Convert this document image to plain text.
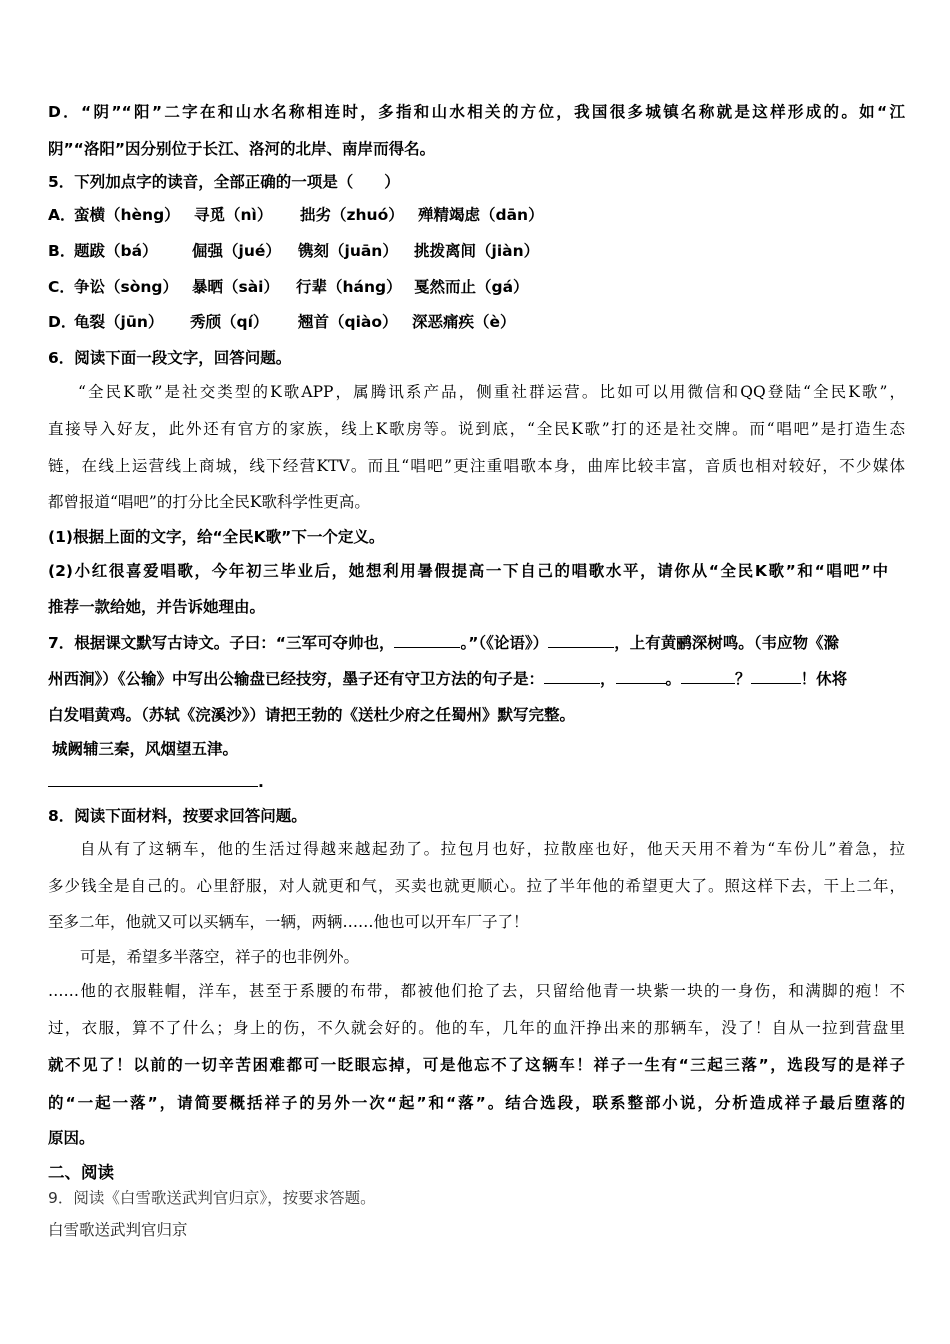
D．“阴”“阳”二字在和山水名称相连时，多指和山水相关的方位，我国很多城镇名称就是这样形成的。如“江
阴”“洛阳”因分别位于长江、洛河的北岸、南岸而得名。
5．下列加点字的读音，全部正确的一项是（　　）
A．
蛮横（hèng） 寻觅（nì） 拙劣（zhuó） 殚精竭虑（dān）
B．
题跋（bá） 倔强（jué） 镌刻（juān） 挑拨离间（jiàn）
C． 争讼（sòng） 暴晒（sài） 行辈（háng） 戛然而止（gá）
D．
龟裂（jūn） 秀颀（qí） 翘首（qiào） 深恶痛疾（è）
6．阅读下面一段文字，回答问题。
“全民K歌”是社交类型的K歌APP，属腾讯系产品，侧重社群运营。比如可以用微信和QQ登陆“全民K歌”，
直接导入好友，此外还有官方的家族，线上K歌房等。说到底，“全民K歌”打的还是社交牌。而“唱吧”是打造生态
链，在线上运营线上商城，线下经营KTV。而且“唱吧”更注重唱歌本身，曲库比较丰富，音质也相对较好，不少媒体
都曾报道“唱吧”的打分比全民K歌科学性更高。
(1)根据上面的文字，给“全民K歌”下一个定义。
(2)小红很喜爱唱歌，今年初三毕业后，她想利用暑假提高一下自己的唱歌水平，请你从“全民K歌”和“唱吧”中
推荐一款给她，并告诉她理由。
7．根据课文默写古诗文。子曰：“三军可夺帅也，	。”（《论语》）	，上有黄鹂深树鸣。（韦应物《滁
州西涧》）《公输》中写出公输盘已经技穷，墨子还有守卫方法的句子是：	，	。	？	！休将
白发唱黄鸡。（苏轼《浣溪沙》）请把王勃的《送杜少府之任蜀州》默写完整。
城阙辅三秦，风烟望五津。
.
8．阅读下面材料，按要求回答问题。
自从有了这辆车，他的生活过得越来越起劲了。拉包月也好，拉散座也好，他天天用不着为“车份儿”着急，拉
多少钱全是自己的。心里舒服，对人就更和气，买卖也就更顺心。拉了半年他的希望更大了。照这样下去，干上二年，
至多二年，他就又可以买辆车，一辆，两辆……他也可以开车厂子了！
可是，希望多半落空，祥子的也非例外。
……他的衣服鞋帽，洋车，甚至于系腰的布带，都被他们抢了去，只留给他青一块紫一块的一身伤，和满脚的疱！不
过，衣服，算不了什么；身上的伤，不久就会好的。他的车，几年的血汗挣出来的那辆车，没了！自从一拉到营盘里
就不见了！以前的一切辛苦困难都可一眨眼忘掉，可是他忘不了这辆车！祥子一生有“三起三落”，选段写的是祥子
的“一起一落”，请简要概括祥子的另外一次“起”和“落”。结合选段，联系整部小说，分析造成祥子最后堕落的
原因。
二、阅读
9．阅读《白雪歌送武判官归京》，按要求答题。
白雪歌送武判官归京
